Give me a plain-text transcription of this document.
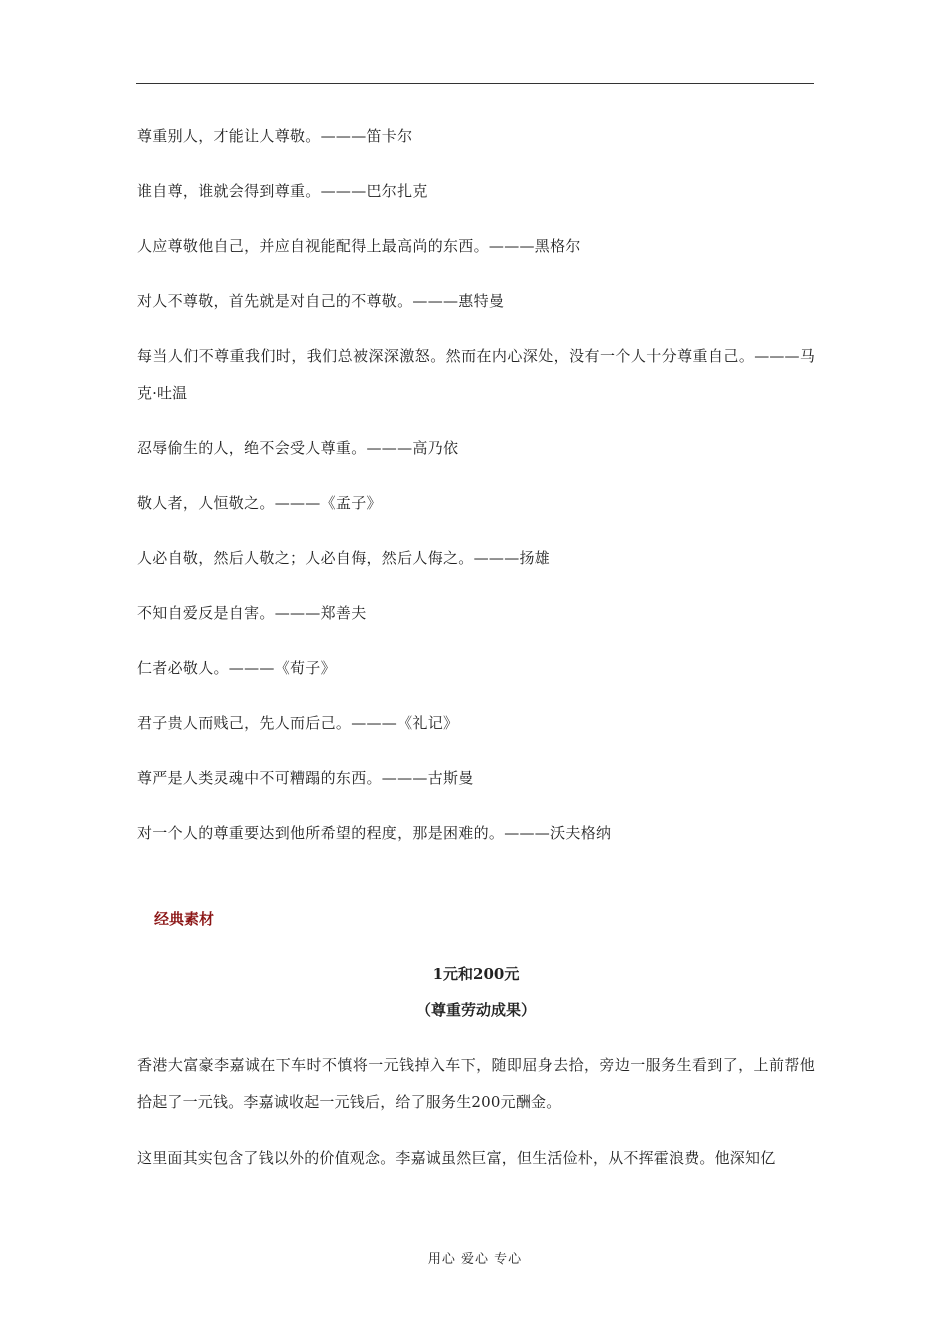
尊重别人，才能让人尊敬。———笛卡尔

谁自尊，谁就会得到尊重。———巴尔扎克

人应尊敬他自己，并应自视能配得上最高尚的东西。———黑格尔

对人不尊敬，首先就是对自己的不尊敬。———惠特曼

每当人们不尊重我们时，我们总被深深激怒。然而在内心深处，没有一个人十分尊重自己。———马克·吐温

忍辱偷生的人，绝不会受人尊重。———高乃依

敬人者，人恒敬之。———《孟子》

人必自敬，然后人敬之；人必自侮，然后人侮之。———扬雄

不知自爱反是自害。———郑善夫

仁者必敬人。———《荀子》

君子贵人而贱己，先人而后己。———《礼记》

尊严是人类灵魂中不可糟蹋的东西。———古斯曼

对一个人的尊重要达到他所希望的程度，那是困难的。———沃夫格纳

经典素材
1元和200元
（尊重劳动成果）

香港大富豪李嘉诚在下车时不慎将一元钱掉入车下，随即屈身去拾，旁边一服务生看到了，上前帮他拾起了一元钱。李嘉诚收起一元钱后，给了服务生200元酬金。

这里面其实包含了钱以外的价值观念。李嘉诚虽然巨富，但生活俭朴，从不挥霍浪费。他深知亿

用心 爱心 专心
